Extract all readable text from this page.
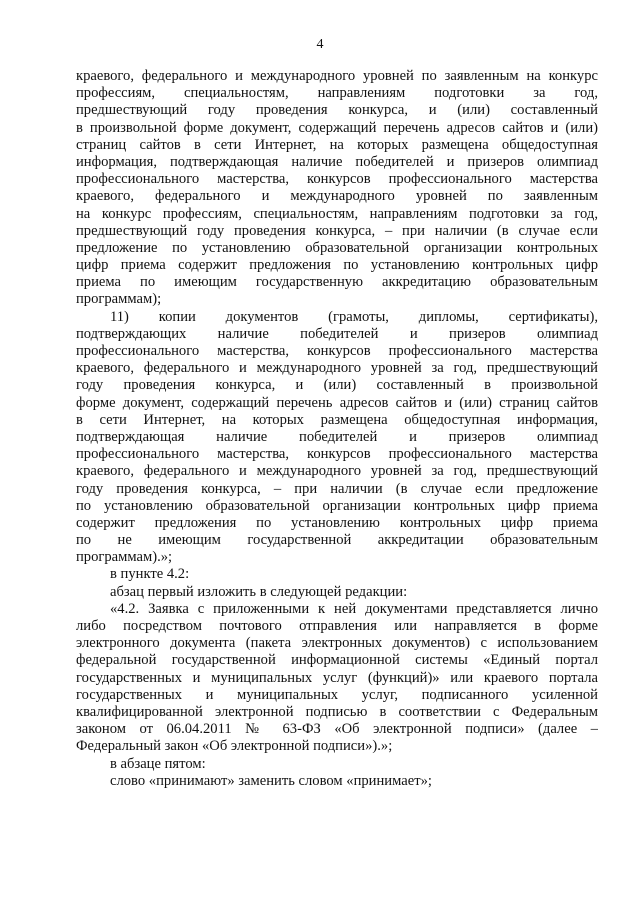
4
краевого, федерального и международного уровней по заявленным на конкурс
профессиям, специальностям, направлениям подготовки за год,
предшествующий году проведения конкурса, и (или) составленный
в произвольной форме документ, содержащий перечень адресов сайтов и (или)
страниц сайтов в сети Интернет, на которых размещена общедоступная
информация, подтверждающая наличие победителей и призеров олимпиад
профессионального мастерства, конкурсов профессионального мастерства
краевого, федерального и международного уровней по заявленным
на конкурс профессиям, специальностям, направлениям подготовки за год,
предшествующий году проведения конкурса, – при наличии (в случае если
предложение по установлению образовательной организации контрольных
цифр приема содержит предложения по установлению контрольных цифр
приема по имеющим государственную аккредитацию образовательным
программам);
11) копии документов (грамоты, дипломы, сертификаты),
подтверждающих наличие победителей и призеров олимпиад
профессионального мастерства, конкурсов профессионального мастерства
краевого, федерального и международного уровней за год, предшествующий
году проведения конкурса, и (или) составленный в произвольной
форме документ, содержащий перечень адресов сайтов и (или) страниц сайтов
в сети Интернет, на которых размещена общедоступная информация,
подтверждающая наличие победителей и призеров олимпиад
профессионального мастерства, конкурсов профессионального мастерства
краевого, федерального и международного уровней за год, предшествующий
году проведения конкурса, – при наличии (в случае если предложение
по установлению образовательной организации контрольных цифр приема
содержит предложения по установлению контрольных цифр приема
по не имеющим государственной аккредитации образовательным
программам).»;
в пункте 4.2:
абзац первый изложить в следующей редакции:
«4.2. Заявка с приложенными к ней документами представляется лично
либо посредством почтового отправления или направляется в форме
электронного документа (пакета электронных документов) с использованием
федеральной государственной информационной системы «Единый портал
государственных и муниципальных услуг (функций)» или краевого портала
государственных и муниципальных услуг, подписанного усиленной
квалифицированной электронной подписью в соответствии с Федеральным
законом от 06.04.2011 № 63-ФЗ «Об электронной подписи» (далее –
Федеральный закон «Об электронной подписи»).»;
в абзаце пятом:
слово «принимают» заменить словом «принимает»;
